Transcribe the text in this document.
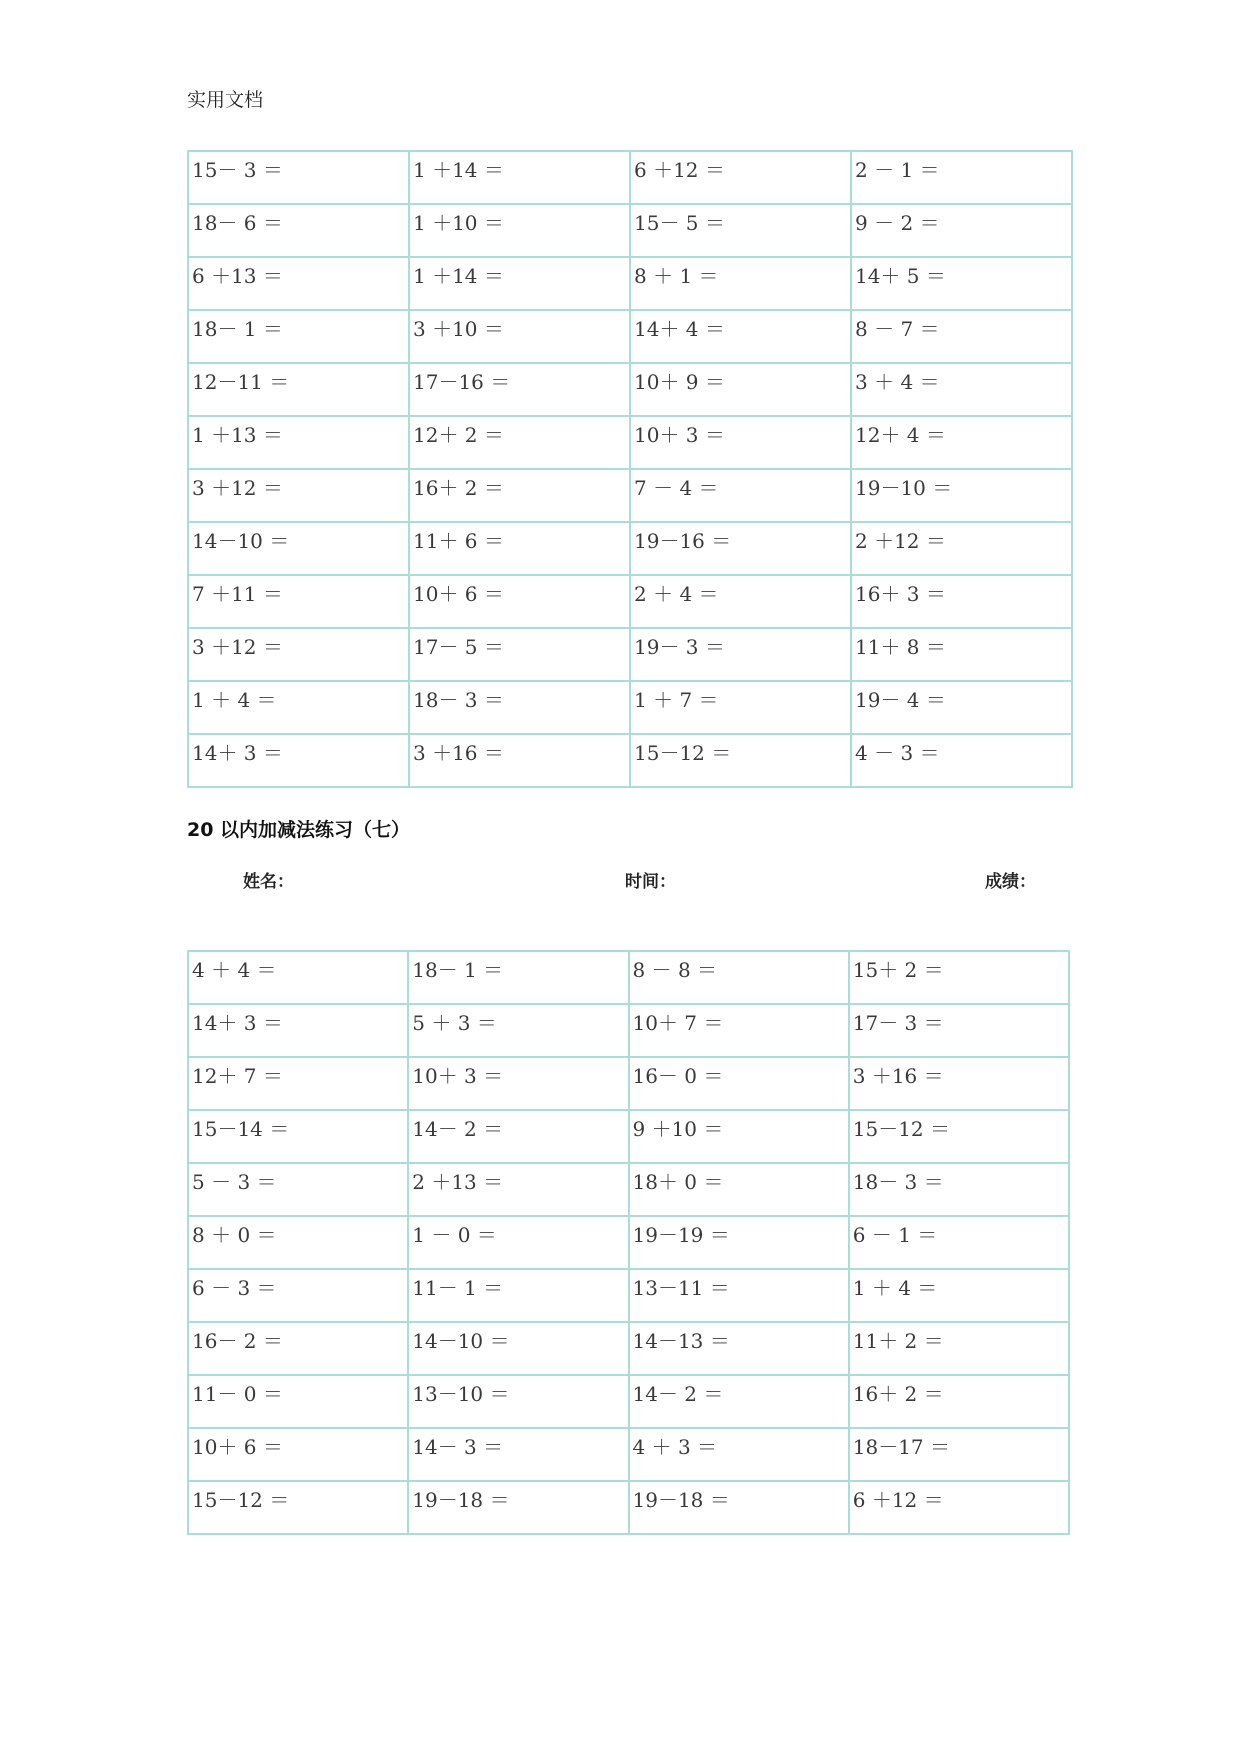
实用文档
15－ 3 ＝	1 ＋14 ＝	6 ＋12 ＝	2 － 1 ＝
18－ 6 ＝	1 ＋10 ＝	15－ 5 ＝	9 － 2 ＝
6 ＋13 ＝	1 ＋14 ＝	8 ＋ 1 ＝	14＋ 5 ＝
18－ 1 ＝	3 ＋10 ＝	14＋ 4 ＝	8 － 7 ＝
12－11 ＝	17－16 ＝	10＋ 9 ＝	3 ＋ 4 ＝
1 ＋13 ＝	12＋ 2 ＝	10＋ 3 ＝	12＋ 4 ＝
3 ＋12 ＝	16＋ 2 ＝	7 － 4 ＝	19－10 ＝
14－10 ＝	11＋ 6 ＝	19－16 ＝	2 ＋12 ＝
7 ＋11 ＝	10＋ 6 ＝	2 ＋ 4 ＝	16＋ 3 ＝
3 ＋12 ＝	17－ 5 ＝	19－ 3 ＝	11＋ 8 ＝
1 ＋ 4 ＝	18－ 3 ＝	1 ＋ 7 ＝	19－ 4 ＝
14＋ 3 ＝	3 ＋16 ＝	15－12 ＝	4 － 3 ＝
20 以内加减法练习（七）
姓名：	时间：	成绩：
4 ＋ 4 ＝	18－ 1 ＝	8 － 8 ＝	15＋ 2 ＝
14＋ 3 ＝	5 ＋ 3 ＝	10＋ 7 ＝	17－ 3 ＝
12＋ 7 ＝	10＋ 3 ＝	16－ 0 ＝	3 ＋16 ＝
15－14 ＝	14－ 2 ＝	9 ＋10 ＝	15－12 ＝
5 － 3 ＝	2 ＋13 ＝	18＋ 0 ＝	18－ 3 ＝
8 ＋ 0 ＝	1 － 0 ＝	19－19 ＝	6 － 1 ＝
6 － 3 ＝	11－ 1 ＝	13－11 ＝	1 ＋ 4 ＝
16－ 2 ＝	14－10 ＝	14－13 ＝	11＋ 2 ＝
11－ 0 ＝	13－10 ＝	14－ 2 ＝	16＋ 2 ＝
10＋ 6 ＝	14－ 3 ＝	4 ＋ 3 ＝	18－17 ＝
15－12 ＝	19－18 ＝	19－18 ＝	6 ＋12 ＝
